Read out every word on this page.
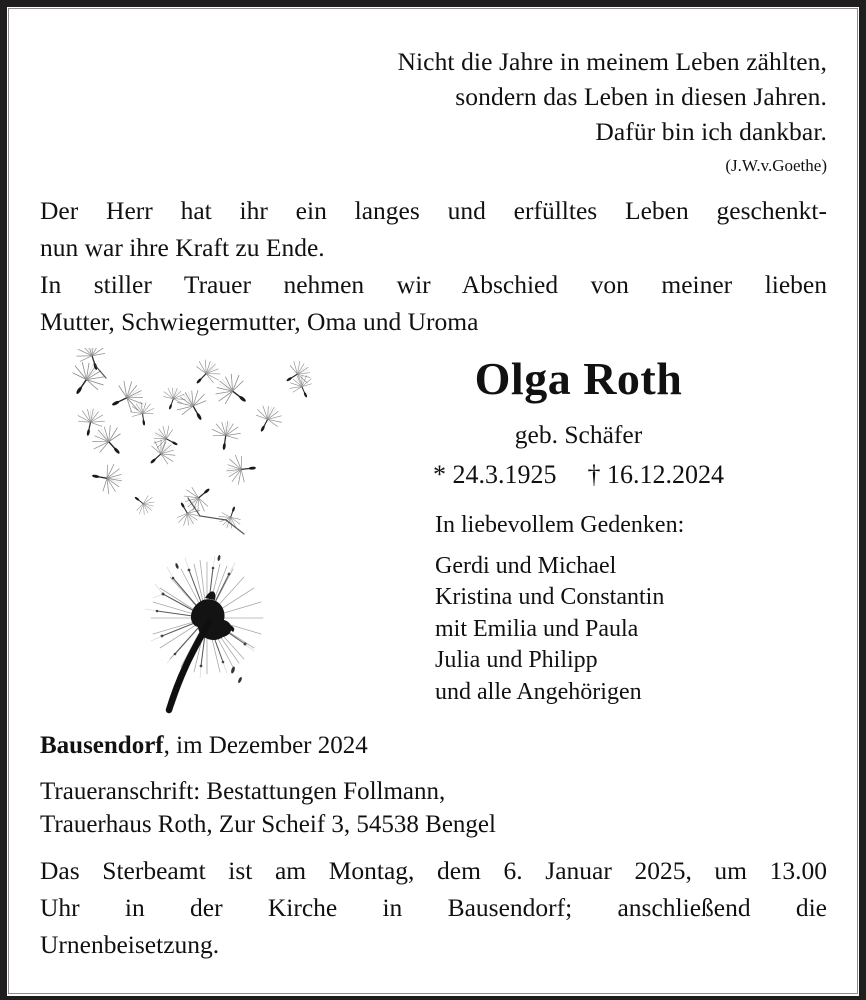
Nicht die Jahre in meinem Leben zählten,
sondern das Leben in diesen Jahren.
Dafür bin ich dankbar.
(J.W.v.Goethe)
Der Herr hat ihr ein langes und erfülltes Leben geschenkt-
nun war ihre Kraft zu Ende.
In stiller Trauer nehmen wir Abschied von meiner lieben
Mutter, Schwiegermutter, Oma und Uroma
Olga Roth
geb. Schäfer
* 24.3.1925 † 16.12.2024
In liebevollem Gedenken:
Gerdi und Michael
Kristina und Constantin
mit Emilia und Paula
Julia und Philipp
und alle Angehörigen
Bausendorf, im Dezember 2024
Traueranschrift: Bestattungen Follmann,
Trauerhaus Roth, Zur Scheif 3, 54538 Bengel
Das Sterbeamt ist am Montag, dem 6. Januar 2025, um 13.00
Uhr in der Kirche in Bausendorf; anschließend die
Urnenbeisetzung.
